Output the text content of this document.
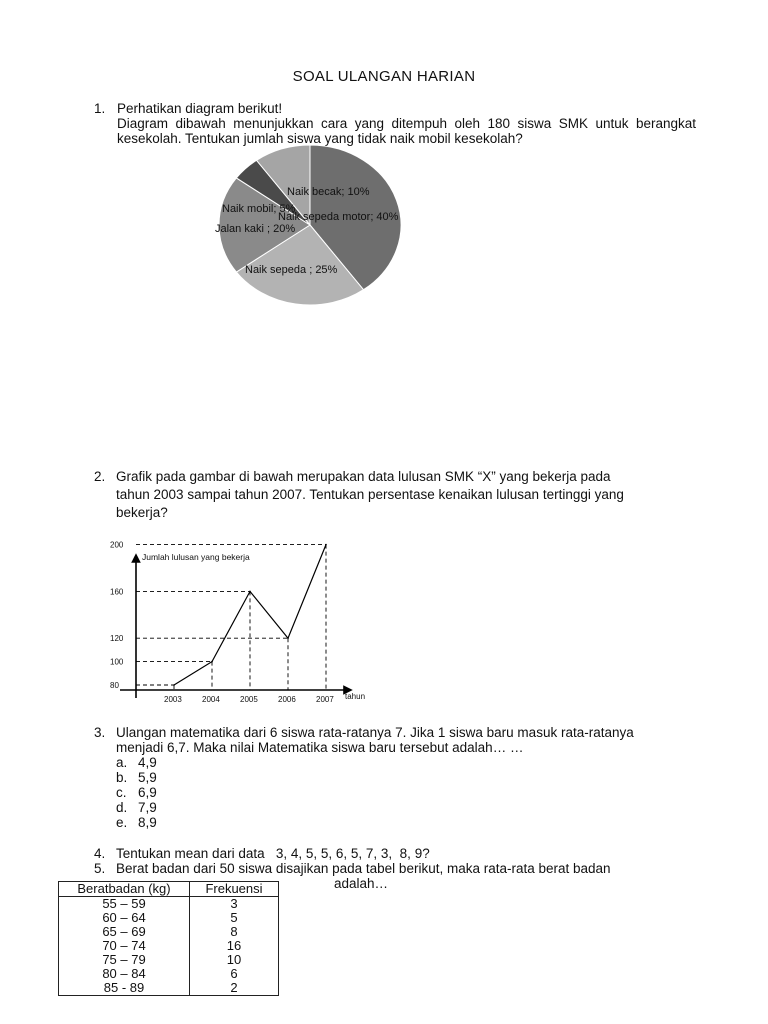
SOAL ULANGAN HARIAN
1. Perhatikan diagram berikut!
Diagram dibawah menunjukkan cara yang ditempuh oleh 180 siswa SMK untuk berangkat kesekolah. Tentukan jumlah siswa yang tidak naik mobil kesekolah?
Naik becak; 10%
Naik mobil; 5%
Naik sepeda motor; 40%
Jalan kaki ; 20%
Naik sepeda ; 25%
2. Grafik pada gambar di bawah merupakan data lulusan SMK “X” yang bekerja pada
tahun 2003 sampai tahun 2007. Tentukan persentase kenaikan lulusan tertinggi yang
bekerja?
Jumlah lulusan yang bekerja
tahun
80
100
120
160
200
2003	2004	2005	2006	2007
3. Ulangan matematika dari 6 siswa rata-ratanya 7. Jika 1 siswa baru masuk rata-ratanya
menjadi 6,7. Maka nilai Matematika siswa baru tersebut adalah… …
a. 4,9
b. 5,9
c. 6,9
d. 7,9
e. 8,9
4. Tentukan mean dari data   3, 4, 5, 5, 6, 5, 7, 3,  8, 9?
5. Berat badan dari 50 siswa disajikan pada tabel berikut, maka rata-rata berat badan
adalah…
Beratbadan (kg)	Frekuensi
55 – 59	3
60 – 64	5
65 – 69	8
70 – 74	16
75 – 79	10
80 – 84	6
85 - 89	2
